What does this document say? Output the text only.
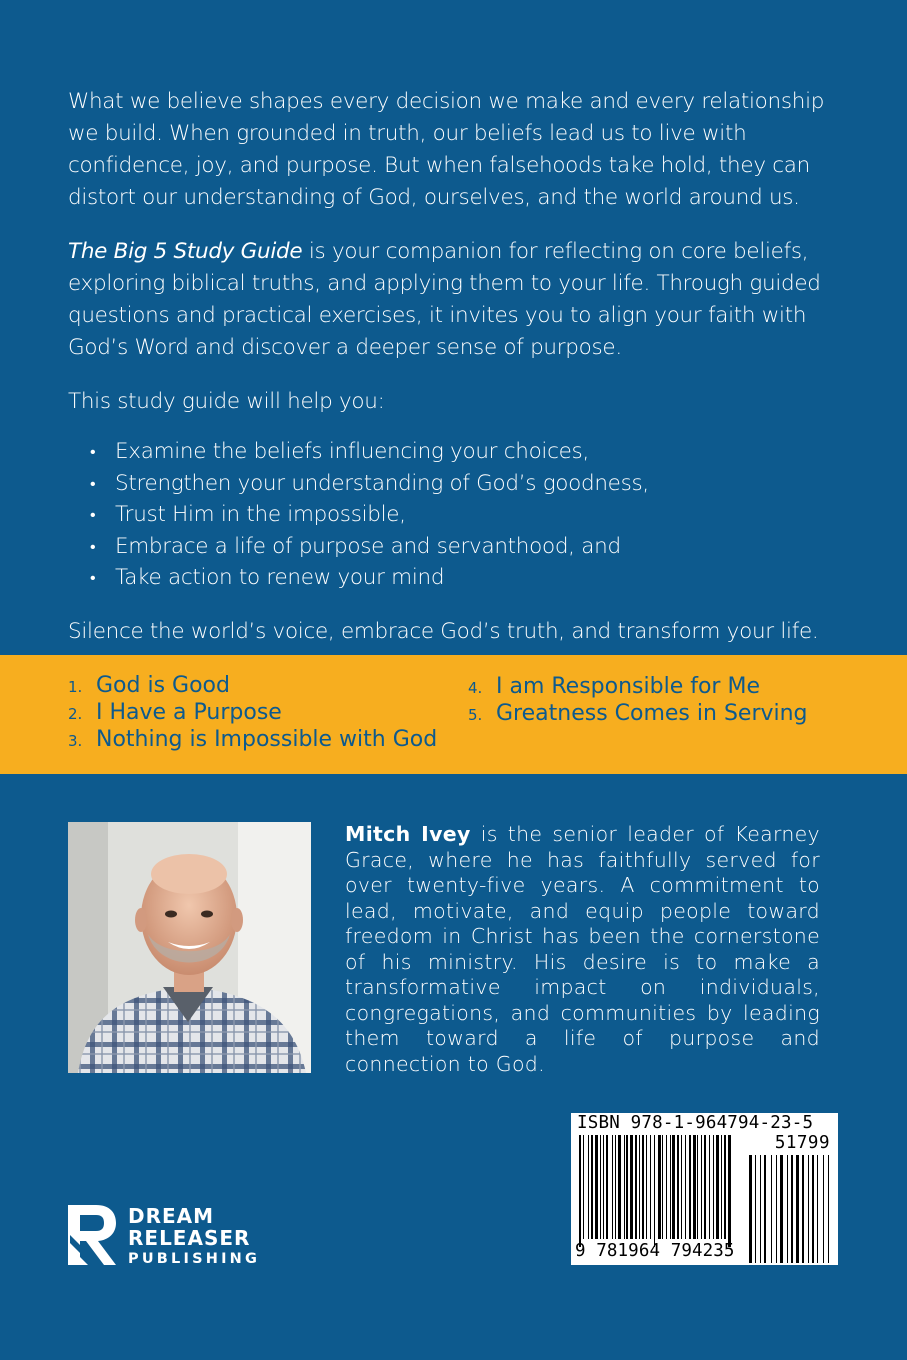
What we believe shapes every decision we make and every relationship we build. When grounded in truth, our beliefs lead us to live with confidence, joy, and purpose. But when falsehoods take hold, they can distort our understanding of God, ourselves, and the world around us.

The Big 5 Study Guide is your companion for reflecting on core beliefs, exploring biblical truths, and applying them to your life. Through guided questions and practical exercises, it invites you to align your faith with God’s Word and discover a deeper sense of purpose.

This study guide will help you:

• Examine the beliefs influencing your choices,
• Strengthen your understanding of God’s goodness,
• Trust Him in the impossible,
• Embrace a life of purpose and servanthood, and
• Take action to renew your mind

Silence the world’s voice, embrace God’s truth, and transform your life.

1. God is Good
2. I Have a Purpose
3. Nothing is Impossible with God
4. I am Responsible for Me
5. Greatness Comes in Serving
Mitch Ivey is the senior leader of Kearney Grace, where he has faithfully served for over twenty-five years. A commitment to lead, motivate, and equip people toward freedom in Christ has been the cornerstone of his ministry. His desire is to make a transformative impact on individuals, congregations, and communities by leading them toward a life of purpose and connection to God.
ISBN 978-1-964794-23-5
51799
9 781964 794235
DREAM
RELEASER
PUBLISHING
